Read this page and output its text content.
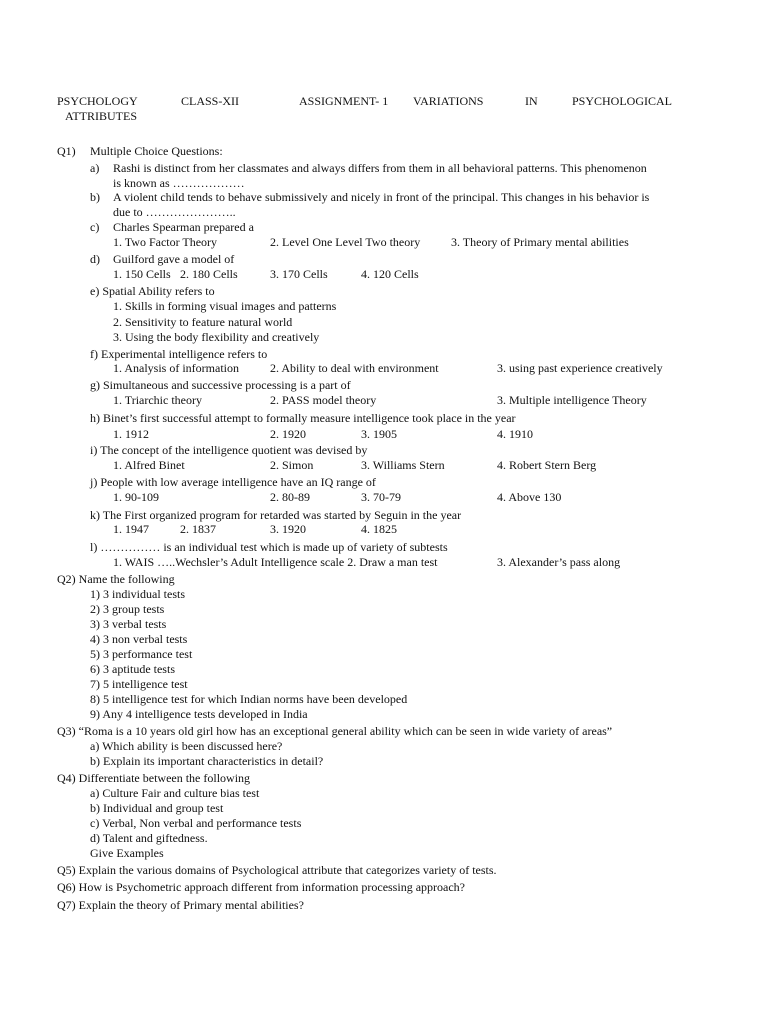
PSYCHOLOGY	CLASS-XII	ASSIGNMENT- 1 VARIATIONS	IN	PSYCHOLOGICAL
ATTRIBUTES
Q1) Multiple Choice Questions:
a) Rashi is distinct from her classmates and always differs from them in all behavioral patterns. This phenomenon
is known as ………………
b) A violent child tends to behave submissively and nicely in front of the principal. This changes in his behavior is
due to …………………..
c) Charles Spearman prepared a
1. Two Factor Theory	2. Level One Level Two theory	3. Theory of Primary mental abilities
d) Guilford gave a model of
1. 150 Cells 2. 180 Cells	3. 170 Cells	4. 120 Cells
e) Spatial Ability refers to
1. Skills in forming visual images and patterns
2. Sensitivity to feature natural world
3. Using the body flexibility and creatively
f) Experimental intelligence refers to
1. Analysis of information	2. Ability to deal with environment	3. using past experience creatively
g) Simultaneous and successive processing is a part of
1. Triarchic theory	2. PASS model theory	3. Multiple intelligence Theory
h) Binet’s first successful attempt to formally measure intelligence took place in the year
1. 1912	2. 1920	3. 1905	4. 1910
i) The concept of the intelligence quotient was devised by
1. Alfred Binet	2. Simon	3. Williams Stern	4. Robert Stern Berg
j) People with low average intelligence have an IQ range of
1. 90-109	2. 80-89	3. 70-79	4. Above 130
k) The First organized program for retarded was started by Seguin in the year
1. 1947	2. 1837	3. 1920	4. 1825
l) …………… is an individual test which is made up of variety of subtests
1. WAIS …..Wechsler’s Adult Intelligence scale 2. Draw a man test	3. Alexander’s pass along
Q2) Name the following
1) 3 individual tests
2) 3 group tests
3) 3 verbal tests
4) 3 non verbal tests
5) 3 performance test
6) 3 aptitude tests
7) 5 intelligence test
8) 5 intelligence test for which Indian norms have been developed
9) Any 4 intelligence tests developed in India
Q3) “Roma is a 10 years old girl how has an exceptional general ability which can be seen in wide variety of areas”
a) Which ability is been discussed here?
b) Explain its important characteristics in detail?
Q4) Differentiate between the following
a) Culture Fair and culture bias test
b) Individual and group test
c) Verbal, Non verbal and performance tests
d) Talent and giftedness.
Give Examples
Q5) Explain the various domains of Psychological attribute that categorizes variety of tests.
Q6) How is Psychometric approach different from information processing approach?
Q7) Explain the theory of Primary mental abilities?
